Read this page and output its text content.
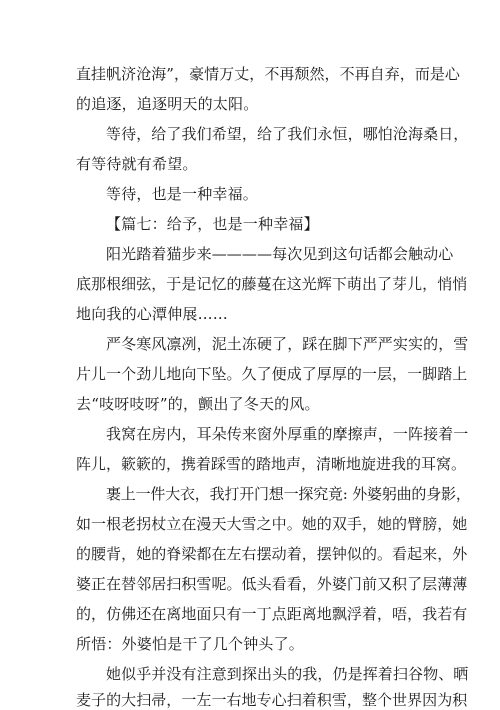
直挂帆济沧海”，豪情万丈，不再颓然，不再自弃，而是心
的追逐，追逐明天的太阳。
等待，给了我们希望，给了我们永恒，哪怕沧海桑日，
有等待就有希望。
等待，也是一种幸福。
【篇七：给予，也是一种幸福】
阳光踏着猫步来————每次见到这句话都会触动心
底那根细弦，于是记忆的藤蔓在这光辉下萌出了芽儿，悄悄
地向我的心潭伸展……
严冬寒风凛冽，泥土冻硬了，踩在脚下严严实实的，雪
片儿一个劲儿地向下坠。久了便成了厚厚的一层，一脚踏上
去“吱呀吱呀”的，颤出了冬天的风。
我窝在房内，耳朵传来窗外厚重的摩擦声，一阵接着一
阵儿，簌簌的，携着踩雪的踏地声，清晰地旋进我的耳窝。
裹上一件大衣，我打开门想一探究竟: 外婆躬曲的身影，
如一根老拐杖立在漫天大雪之中。她的双手，她的臂膀，她
的腰背，她的脊梁都在左右摆动着，摆钟似的。看起来，外
婆正在替邻居扫积雪呢。低头看看，外婆门前又积了层薄薄
的，仿佛还在离地面只有一丁点距离地飘浮着，唔，我若有
所悟：外婆怕是干了几个钟头了。
她似乎并没有注意到探出头的我，仍是挥着扫谷物、晒
麦子的大扫帚，一左一右地专心扫着积雪，整个世界因为积
